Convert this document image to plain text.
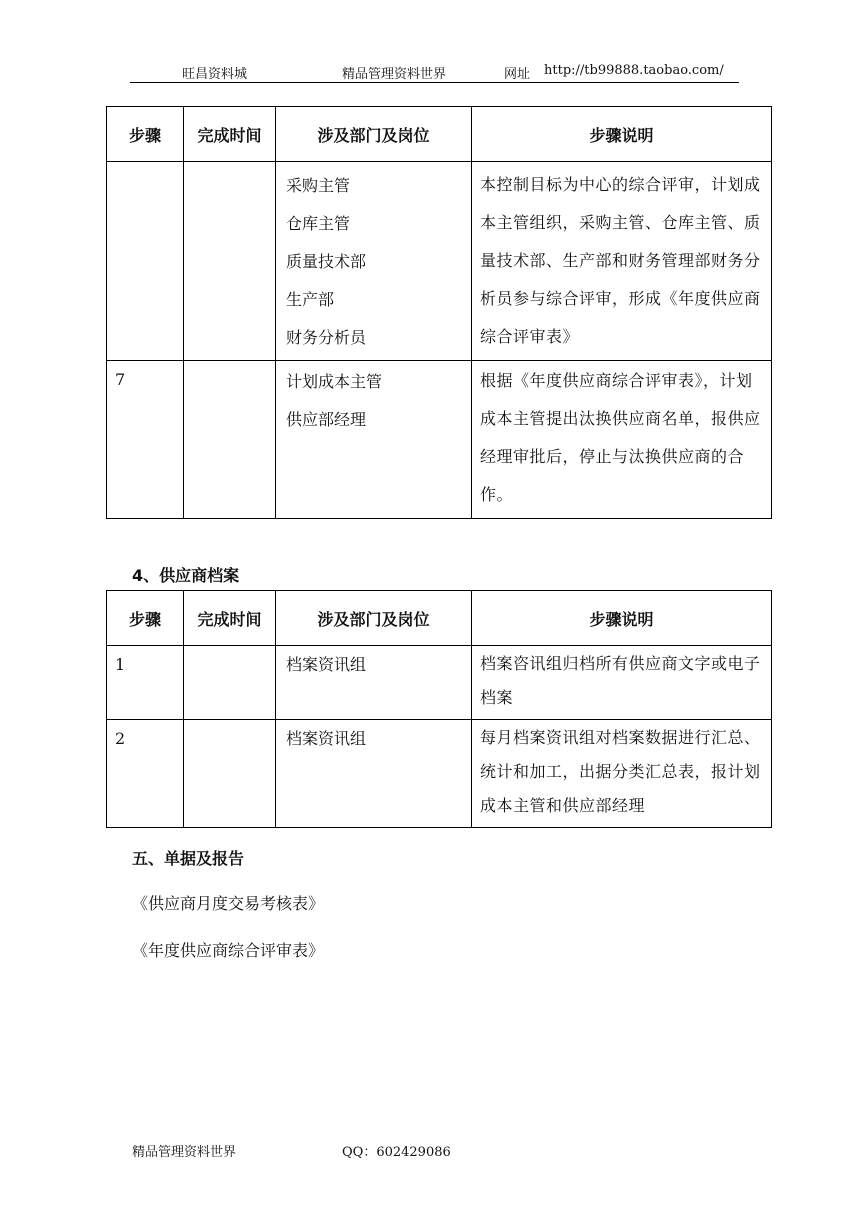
旺昌资料城	精品管理资料世界	网址 http://tb99888.taobao.com/
步骤	完成时间	涉及部门及岗位	步骤说明

		采购主管
仓库主管
质量技术部
生产部
财务分析员	本控制目标为中心的综合评审，计划成本主管组织，采购主管、仓库主管、质量技术部、生产部和财务管理部财务分析员参与综合评审，形成《年度供应商综合评审表》

7		计划成本主管
供应部经理	根据《年度供应商综合评审表》，计划成本主管提出汰换供应商名单，报供应经理审批后，停止与汰换供应商的合作。
4、供应商档案
步骤	完成时间	涉及部门及岗位	步骤说明

1		档案资讯组	档案咨讯组归档所有供应商文字或电子档案

2		档案资讯组	每月档案资讯组对档案数据进行汇总、统计和加工，出据分类汇总表，报计划成本主管和供应部经理
五、单据及报告
《供应商月度交易考核表》
《年度供应商综合评审表》
精品管理资料世界	QQ：602429086
